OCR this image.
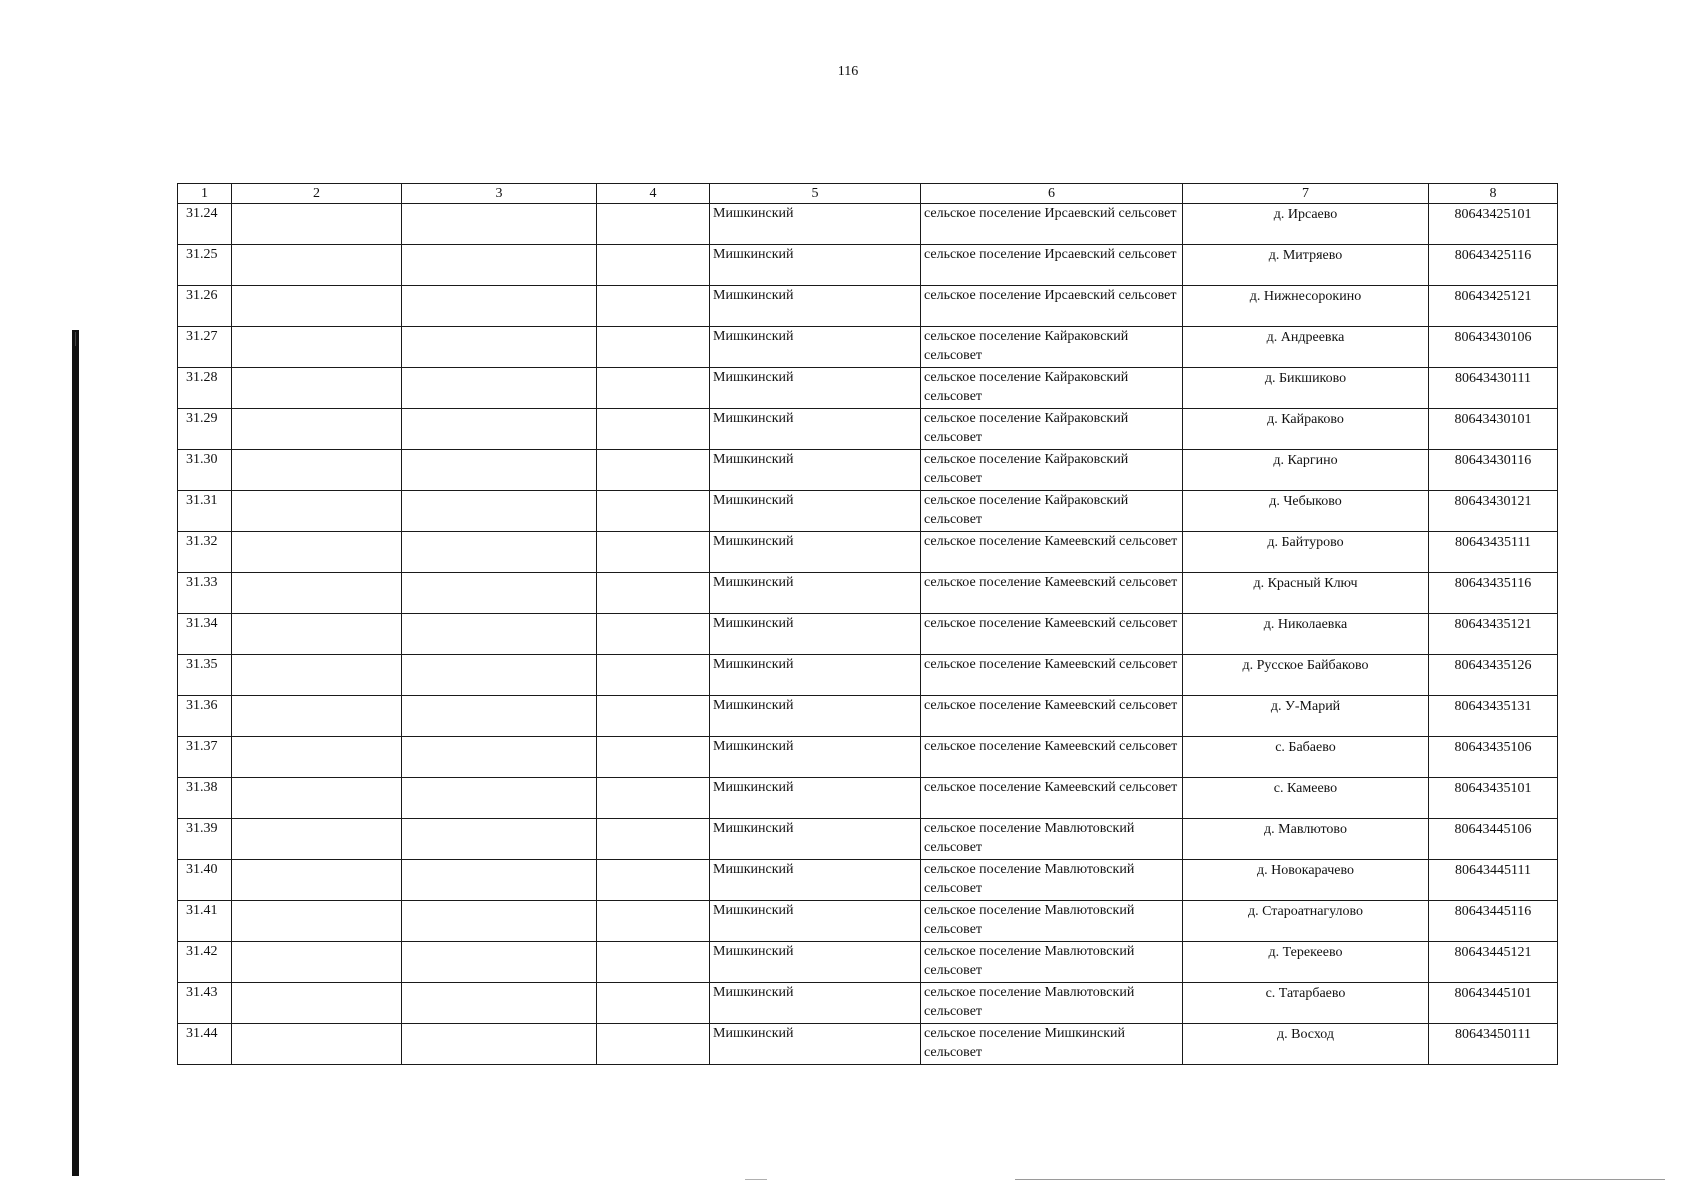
116
1	2	3	4	5	6	7	8
31.24				Мишкинский	сельское поселение Ирсаевский сельсовет	д. Ирсаево	80643425101
31.25				Мишкинский	сельское поселение Ирсаевский сельсовет	д. Митряево	80643425116
31.26				Мишкинский	сельское поселение Ирсаевский сельсовет	д. Нижнесорокино	80643425121
31.27				Мишкинский	сельское поселение Кайраковский сельсовет	д. Андреевка	80643430106
31.28				Мишкинский	сельское поселение Кайраковский сельсовет	д. Бикшиково	80643430111
31.29				Мишкинский	сельское поселение Кайраковский сельсовет	д. Кайраково	80643430101
31.30				Мишкинский	сельское поселение Кайраковский сельсовет	д. Каргино	80643430116
31.31				Мишкинский	сельское поселение Кайраковский сельсовет	д. Чебыково	80643430121
31.32				Мишкинский	сельское поселение Камеевский сельсовет	д. Байтурово	80643435111
31.33				Мишкинский	сельское поселение Камеевский сельсовет	д. Красный Ключ	80643435116
31.34				Мишкинский	сельское поселение Камеевский сельсовет	д. Николаевка	80643435121
31.35				Мишкинский	сельское поселение Камеевский сельсовет	д. Русское Байбаково	80643435126
31.36				Мишкинский	сельское поселение Камеевский сельсовет	д. У-Марий	80643435131
31.37				Мишкинский	сельское поселение Камеевский сельсовет	с. Бабаево	80643435106
31.38				Мишкинский	сельское поселение Камеевский сельсовет	с. Камеево	80643435101
31.39				Мишкинский	сельское поселение Мавлютовский сельсовет	д. Мавлютово	80643445106
31.40				Мишкинский	сельское поселение Мавлютовский сельсовет	д. Новокарачево	80643445111
31.41				Мишкинский	сельское поселение Мавлютовский сельсовет	д. Староатнагулово	80643445116
31.42				Мишкинский	сельское поселение Мавлютовский сельсовет	д. Терекеево	80643445121
31.43				Мишкинский	сельское поселение Мавлютовский сельсовет	с. Татарбаево	80643445101
31.44				Мишкинский	сельское поселение Мишкинский сельсовет	д. Восход	80643450111
